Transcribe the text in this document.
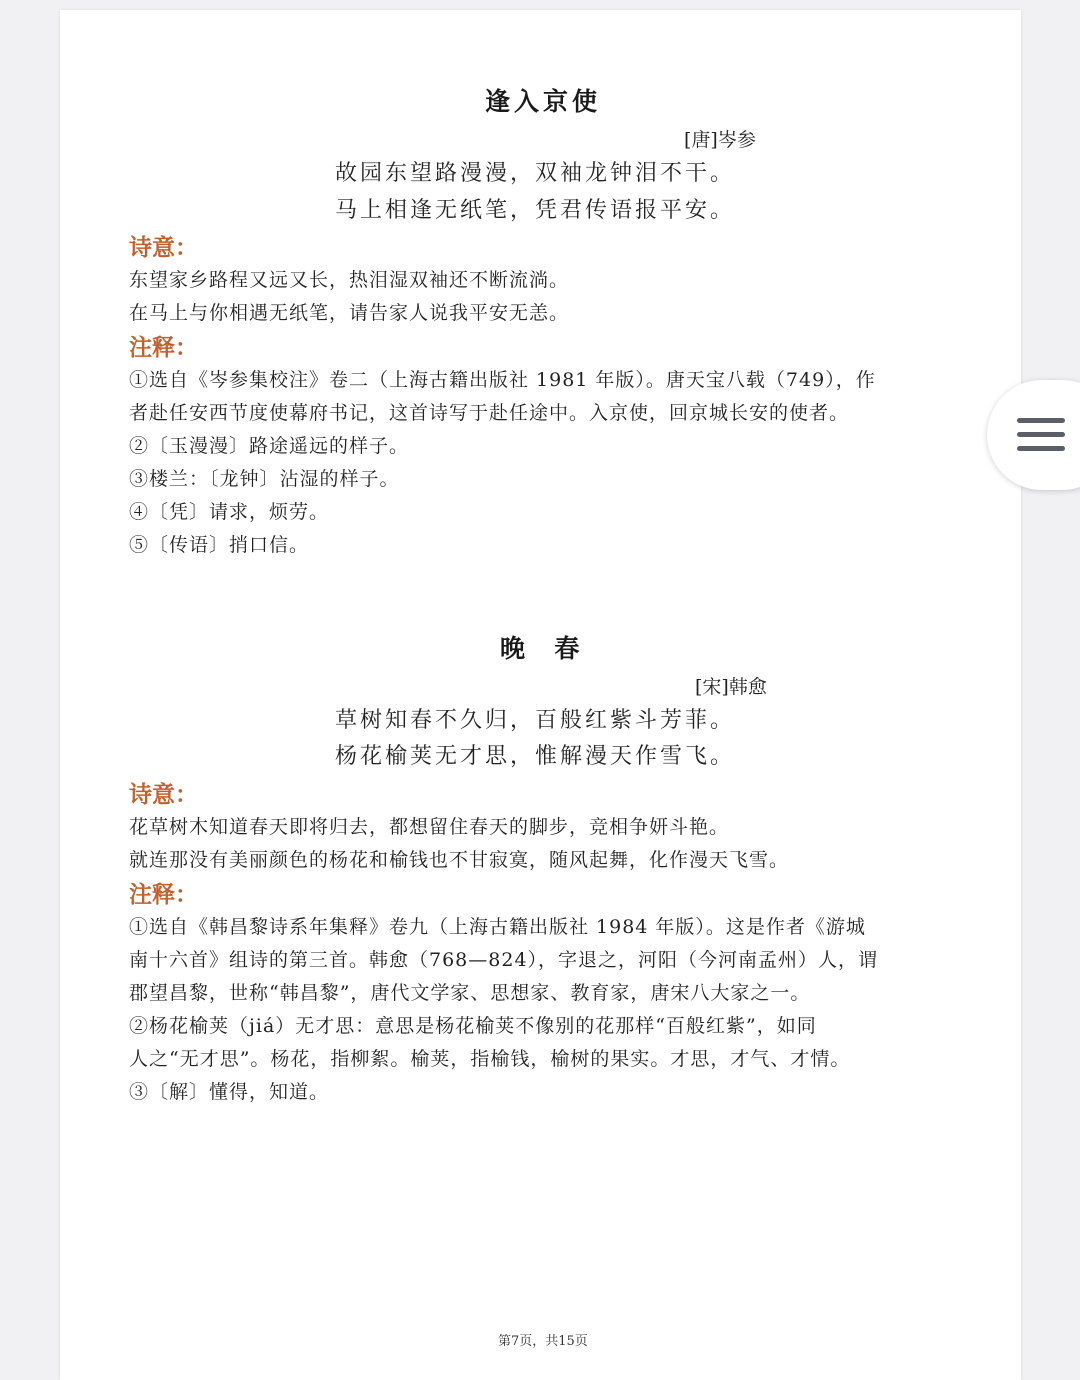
逢入京使
[唐]岑参
故园东望路漫漫，双袖龙钟泪不干。
马上相逢无纸笔，凭君传语报平安。
诗意：
东望家乡路程又远又长，热泪湿双袖还不断流淌。
在马上与你相遇无纸笔，请告家人说我平安无恙。
注释：
①选自《岑参集校注》卷二（上海古籍出版社 1981 年版）。唐天宝八载（749），作
者赴任安西节度使幕府书记，这首诗写于赴任途中。入京使，回京城长安的使者。
②〔玉漫漫〕路途遥远的样子。
③楼兰：〔龙钟〕沾湿的样子。
④〔凭〕请求，烦劳。
⑤〔传语〕捎口信。
晚  春
[宋]韩愈
草树知春不久归，百般红紫斗芳菲。
杨花榆荚无才思，惟解漫天作雪飞。
诗意：
花草树木知道春天即将归去，都想留住春天的脚步，竞相争妍斗艳。
就连那没有美丽颜色的杨花和榆钱也不甘寂寞，随风起舞，化作漫天飞雪。
注释：
①选自《韩昌黎诗系年集释》卷九（上海古籍出版社 1984 年版）。这是作者《游城
南十六首》组诗的第三首。韩愈（768—824），字退之，河阳（今河南孟州）人，谓
郡望昌黎，世称“韩昌黎”，唐代文学家、思想家、教育家，唐宋八大家之一。
②杨花榆荚（jiá）无才思：意思是杨花榆荚不像别的花那样“百般红紫”，如同
人之“无才思”。杨花，指柳絮。榆荚，指榆钱，榆树的果实。才思，才气、才情。
③〔解〕懂得，知道。
第7页，共15页
